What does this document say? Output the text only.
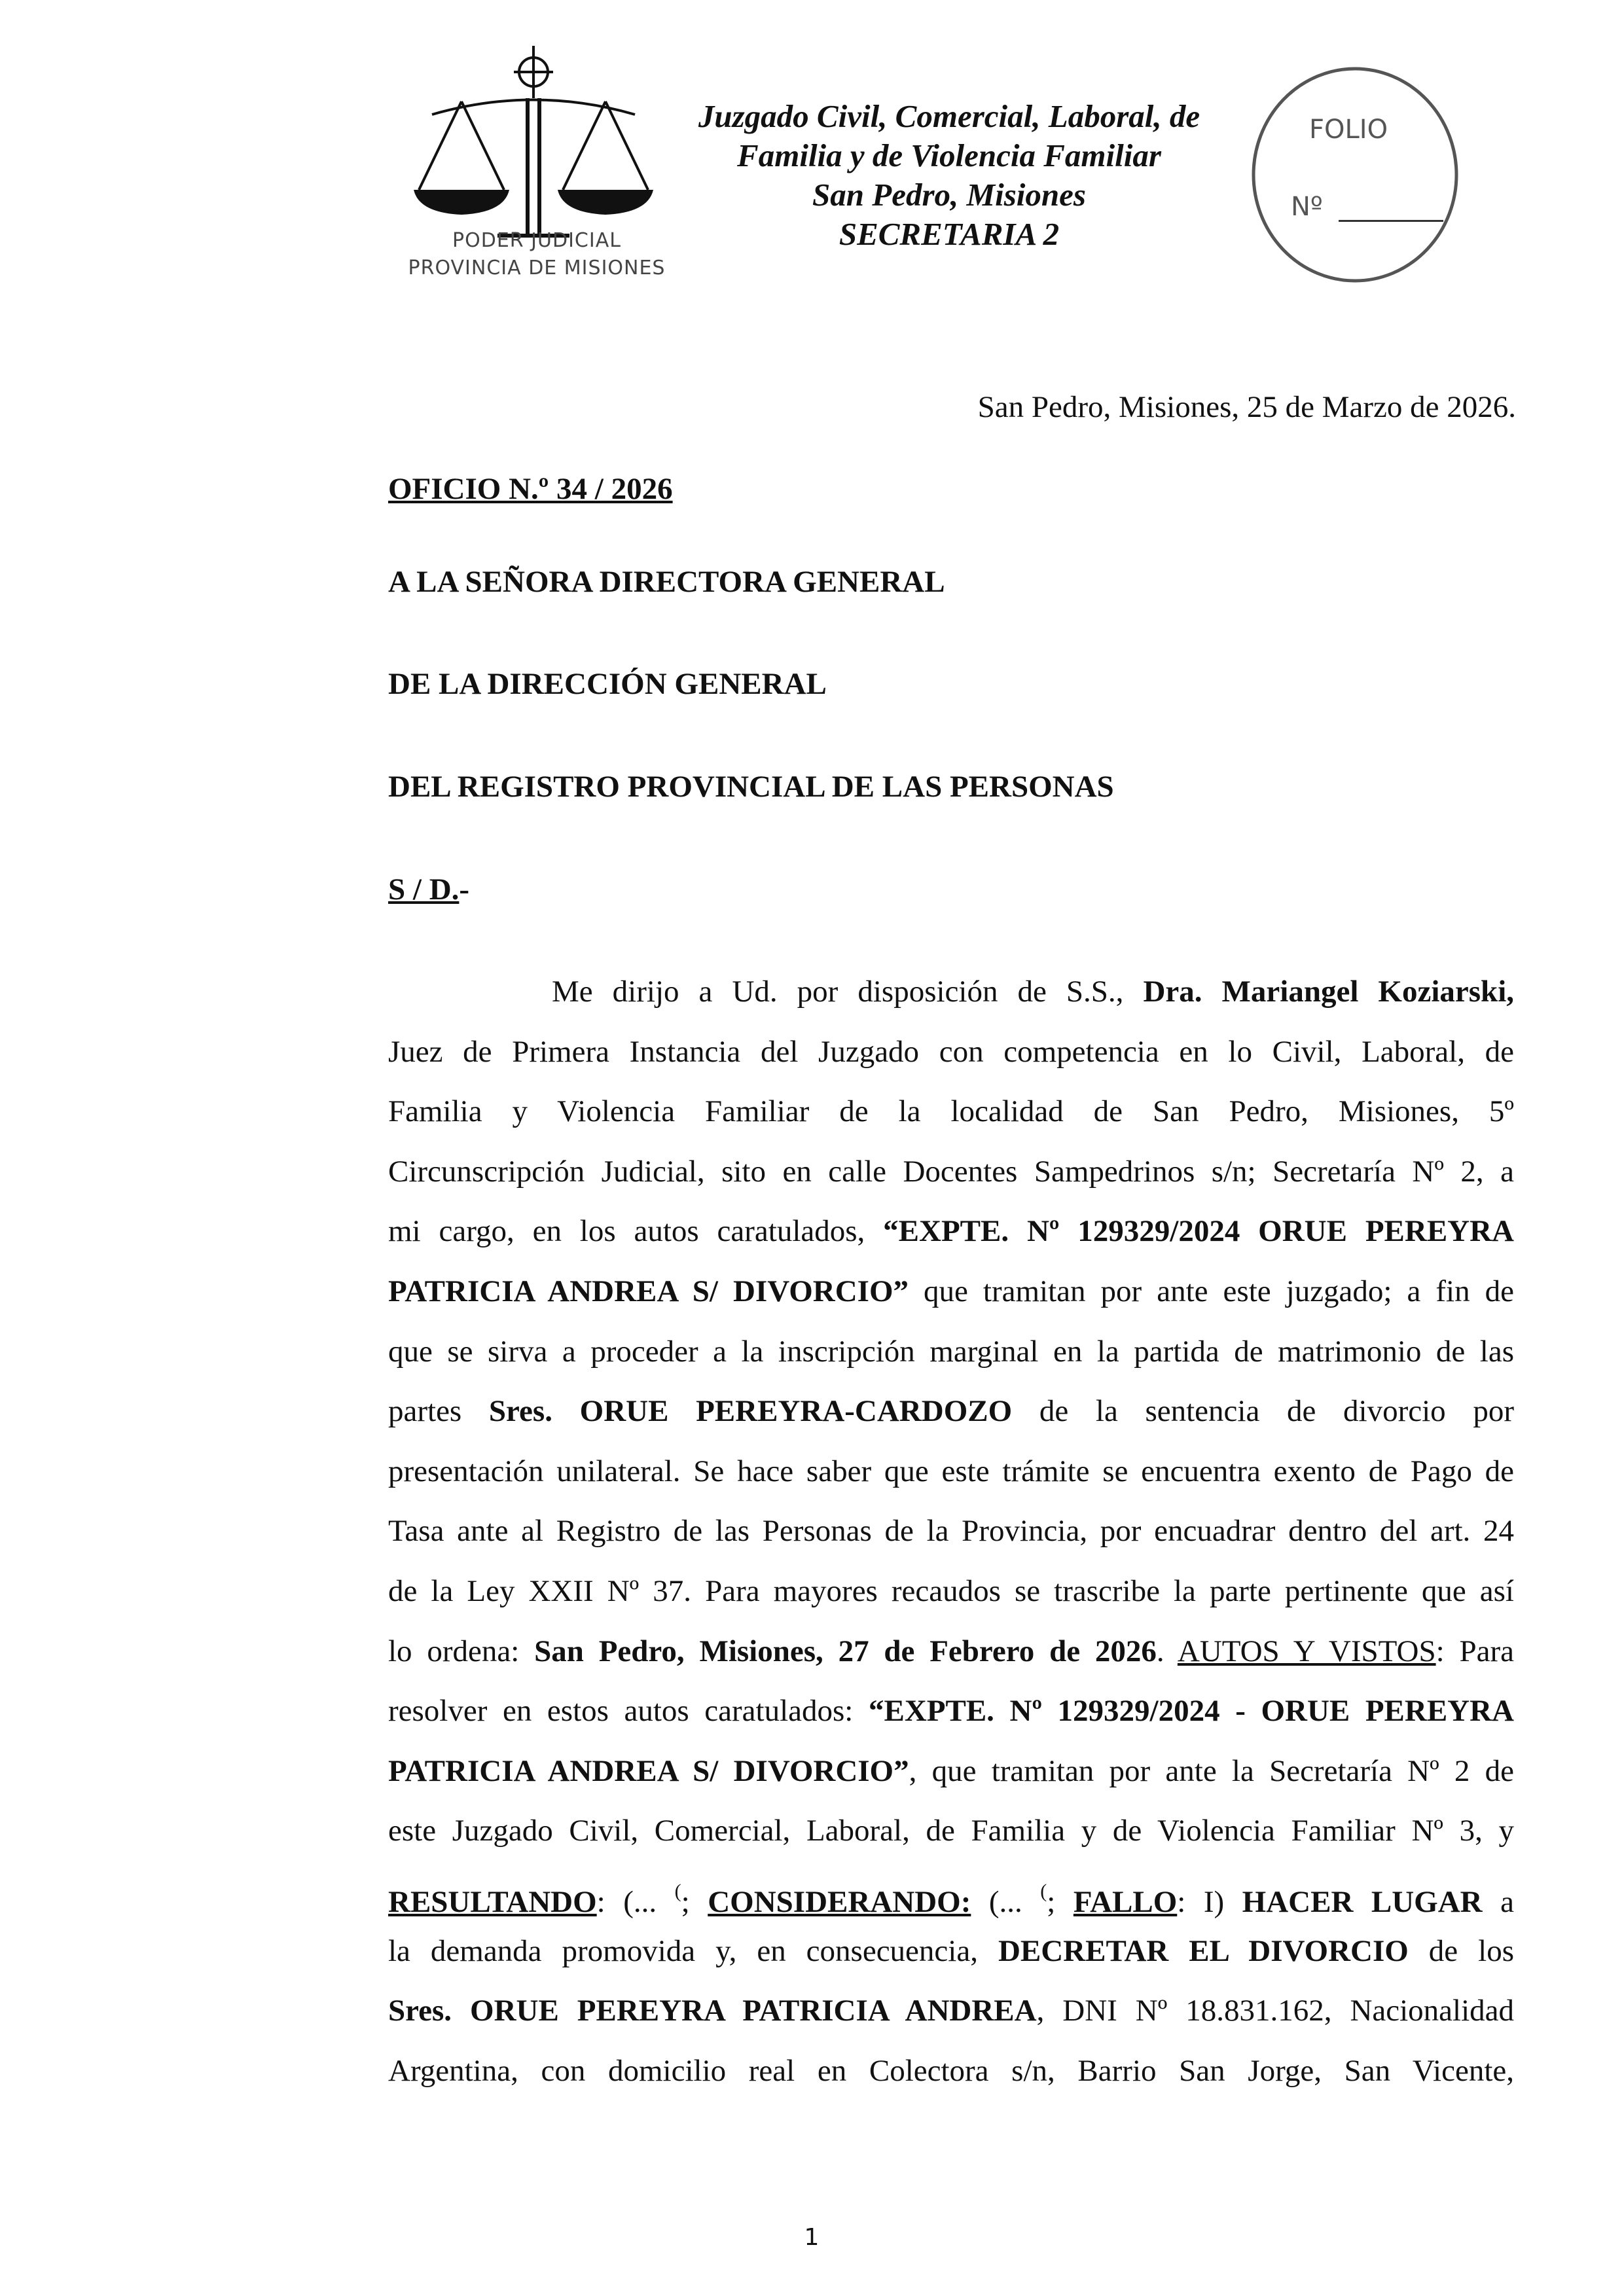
PODER JUDICIAL
PROVINCIA DE MISIONES
Juzgado Civil, Comercial, Laboral, de
Familia y de Violencia Familiar
San Pedro, Misiones
SECRETARIA 2
FOLIO
Nº
San Pedro, Misiones, 25 de Marzo de 2026.
OFICIO N.º 34 / 2026
A LA SEÑORA DIRECTORA GENERAL
DE LA DIRECCIÓN GENERAL
DEL REGISTRO PROVINCIAL DE LAS PERSONAS
S / D.-
Me dirijo a Ud. por disposición de S.S., Dra. Mariangel Koziarski,
Juez de Primera Instancia del Juzgado con competencia en lo Civil, Laboral, de
Familia y Violencia Familiar de la localidad de San Pedro, Misiones, 5º
Circunscripción Judicial, sito en calle Docentes Sampedrinos s/n; Secretaría Nº 2, a
mi cargo, en los autos caratulados, “EXPTE. Nº 129329/2024 ORUE PEREYRA
PATRICIA ANDREA S/ DIVORCIO” que tramitan por ante este juzgado; a fin de
que se sirva a proceder a la inscripción marginal en la partida de matrimonio de las
partes Sres. ORUE PEREYRA-CARDOZO de la sentencia de divorcio por
presentación unilateral. Se hace saber que este trámite se encuentra exento de Pago de
Tasa ante al Registro de las Personas de la Provincia, por encuadrar dentro del art. 24
de la Ley XXII Nº 37. Para mayores recaudos se trascribe la parte pertinente que así
lo ordena: San Pedro, Misiones, 27 de Febrero de 2026. AUTOS Y VISTOS: Para
resolver en estos autos caratulados: “EXPTE. Nº 129329/2024 - ORUE PEREYRA
PATRICIA ANDREA S/ DIVORCIO”, que tramitan por ante la Secretaría Nº 2 de
este Juzgado Civil, Comercial, Laboral, de Familia y de Violencia Familiar Nº 3, y
RESULTANDO: (... (; CONSIDERANDO: (... (; FALLO: I) HACER LUGAR a
la demanda promovida y, en consecuencia, DECRETAR EL DIVORCIO de los
Sres. ORUE PEREYRA PATRICIA ANDREA, DNI Nº 18.831.162, Nacionalidad
Argentina, con domicilio real en Colectora s/n, Barrio San Jorge, San Vicente,
1
